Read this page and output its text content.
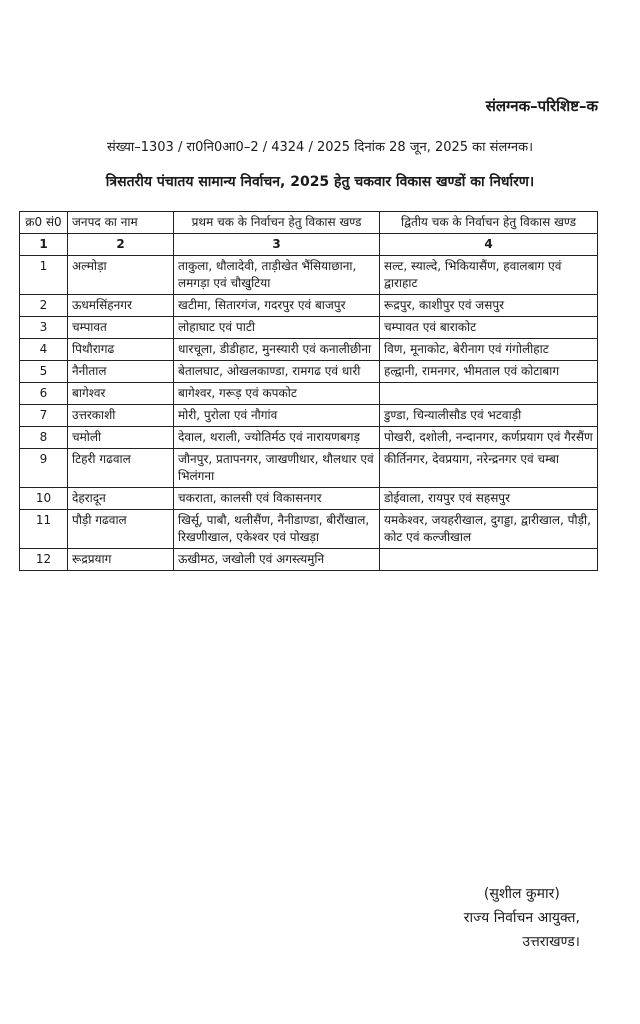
संलग्नक–परिशिष्ट–क
संख्या–1303 / रा0नि0आ0–2 / 4324 / 2025 दिनांक 28 जून, 2025 का संलग्नक।
त्रिसतरीय पंचातय सामान्य निर्वाचन, 2025 हेतु चकवार विकास खण्डों का निर्धारण।
क्र0 सं0	जनपद का नाम	प्रथम चक के निर्वाचन हेतु विकास खण्ड	द्वितीय चक के निर्वाचन हेतु विकास खण्ड
1	2	3	4
1	अल्मोड़ा	ताकुला, धौलादेवी, ताड़ीखेत भैंसियाछाना, लमगड़ा एवं चौखुटिया	सल्ट, स्याल्दे, भिकियासैंण, हवालबाग एवं द्वाराहाट
2	ऊधमसिंहनगर	खटीमा, सितारगंज, गदरपुर एवं बाजपुर	रूद्रपुर, काशीपुर एवं जसपुर
3	चम्पावत	लोहाघाट एवं पाटी	चम्पावत एवं बाराकोट
4	पिथौरागढ	धारचूला, डीडीहाट, मुनस्यारी एवं कनालीछीना	विण, मूनाकोट, बेरीनाग एवं गंगोलीहाट
5	नैनीताल	बेतालघाट, ओखलकाण्डा, रामगढ एवं धारी	हल्द्वानी, रामनगर, भीमताल एवं कोटाबाग
6	बागेश्वर	बागेश्वर, गरूड़ एवं कपकोट	
7	उत्तरकाशी	मोरी, पुरोला एवं नौगांव	डुण्डा, चिन्यालीसौड एवं भटवाड़ी
8	चमोली	देवाल, थराली, ज्योतिर्मठ एवं नारायणबगड़	पोखरी, दशोली, नन्दानगर, कर्णप्रयाग एवं गैरसैंण
9	टिहरी गढवाल	जौनपुर, प्रतापनगर, जाखणीधार, थौलधार एवं भिलंगना	कीर्तिनगर, देवप्रयाग, नरेन्द्रनगर एवं चम्बा
10	देहरादून	चकराता, कालसी एवं विकासनगर	डोईवाला, रायपुर एवं सहसपुर
11	पौड़ी गढवाल	खिर्सू, पाबौ, थलीसैंण, नैनीडाण्डा, बीरौंखाल, रिखणीखाल, एकेश्वर एवं पोखड़ा	यमकेश्वर, जयहरीखाल, दुगड्डा, द्वारीखाल, पौड़ी, कोट एवं कल्जीखाल
12	रूद्रप्रयाग	ऊखीमठ, जखोली एवं अगस्त्यमुनि	
(सुशील कुमार)
राज्य निर्वाचन आयुक्त,
उत्तराखण्ड।
